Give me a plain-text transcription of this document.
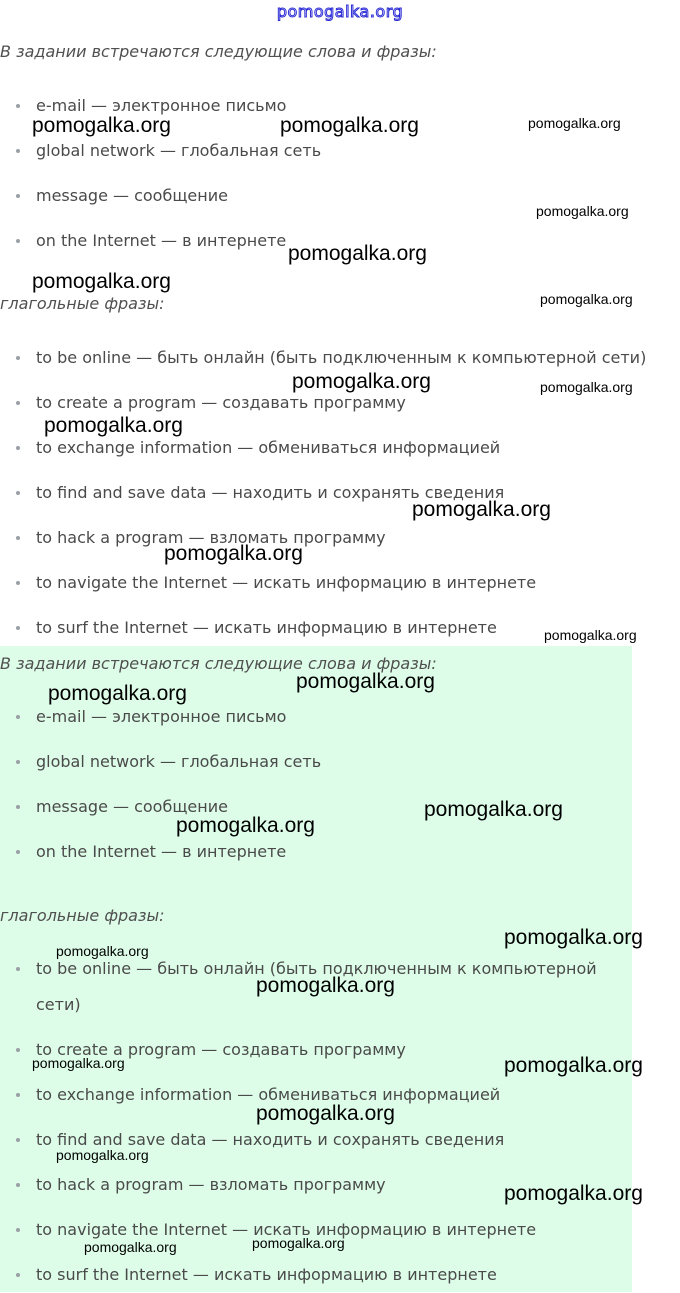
pomogalka.org
В задании встречаются следующие слова и фразы:
e-mail — электронное письмо
global network — глобальная сеть
message — сообщение
on the Internet — в интернете
глагольные фразы:
to be online — быть онлайн (быть подключенным к компьютерной сети)
to create a program — создавать программу
to exchange information — обмениваться информацией
to find and save data — находить и сохранять сведения
to hack a program — взломать программу
to navigate the Internet — искать информацию в интернете
to surf the Internet — искать информацию в интернете
В задании встречаются следующие слова и фразы:
e-mail — электронное письмо
global network — глобальная сеть
message — сообщение
on the Internet — в интернете
глагольные фразы:
to be online — быть онлайн (быть подключенным к компьютерной сети)
to create a program — создавать программу
to exchange information — обмениваться информацией
to find and save data — находить и сохранять сведения
to hack a program — взломать программу
to navigate the Internet — искать информацию в интернете
to surf the Internet — искать информацию в интернете
pomogalka.org	pomogalka.org	pomogalka.org
pomogalka.org
pomogalka.org
pomogalka.org
pomogalka.org
pomogalka.org	pomogalka.org
pomogalka.org
pomogalka.org
pomogalka.org
pomogalka.org
pomogalka.org
pomogalka.org
pomogalka.org
pomogalka.org
pomogalka.org
pomogalka.org
pomogalka.org
pomogalka.org	pomogalka.org
pomogalka.org
pomogalka.org
pomogalka.org
pomogalka.org
pomogalka.org
